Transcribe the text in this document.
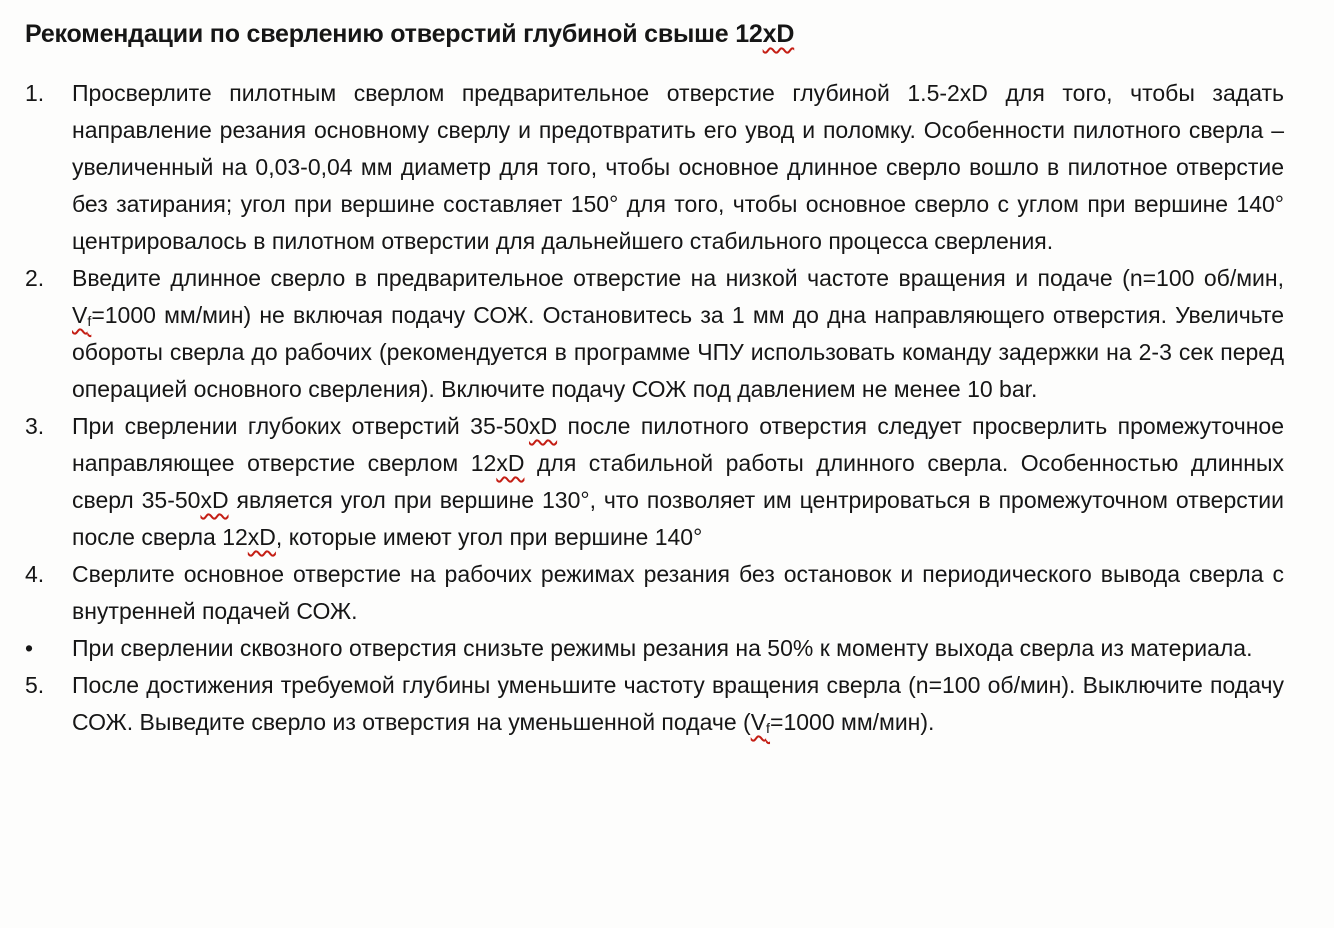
Рекомендации по сверлению отверстий глубиной свыше 12xD
1.	Просверлите пилотным сверлом предварительное отверстие глубиной 1.5-2xD для того, чтобы задать направление резания основному сверлу и предотвратить его увод и поломку. Особенности пилотного сверла – увеличенный на 0,03-0,04 мм диаметр для того, чтобы основное длинное сверло вошло в пилотное отверстие без затирания; угол при вершине составляет 150° для того, чтобы основное сверло с углом при вершине 140° центрировалось в пилотном отверстии для дальнейшего стабильного процесса сверления.
2.	Введите длинное сверло в предварительное отверстие на низкой частоте вращения и подаче (n=100 об/мин, $V_f=1000$ мм/мин) не включая подачу СОЖ. Остановитесь за 1 мм до дна направляющего отверстия. Увеличьте обороты сверла до рабочих (рекомендуется в программе ЧПУ использовать команду задержки на 2-3 сек перед операцией основного сверления). Включите подачу СОЖ под давлением не менее 10 bar.
3.	При сверлении глубоких отверстий 35-50xD после пилотного отверстия следует просверлить промежуточное направляющее отверстие сверлом 12xD для стабильной работы длинного сверла. Особенностью длинных сверл 35-50xD является угол при вершине 130°, что позволяет им центрироваться в промежуточном отверстии после сверла 12xD, которые имеют угол при вершине 140°
4.	Сверлите основное отверстие на рабочих режимах резания без остановок и периодического вывода сверла с внутренней подачей СОЖ.
•	При сверлении сквозного отверстия снизьте режимы резания на 50% к моменту выхода сверла из материала.
5.	После достижения требуемой глубины уменьшите частоту вращения сверла (n=100 об/мин). Выключите подачу СОЖ. Выведите сверло из отверстия на уменьшенной подаче ($V_f=1000$ мм/мин).
